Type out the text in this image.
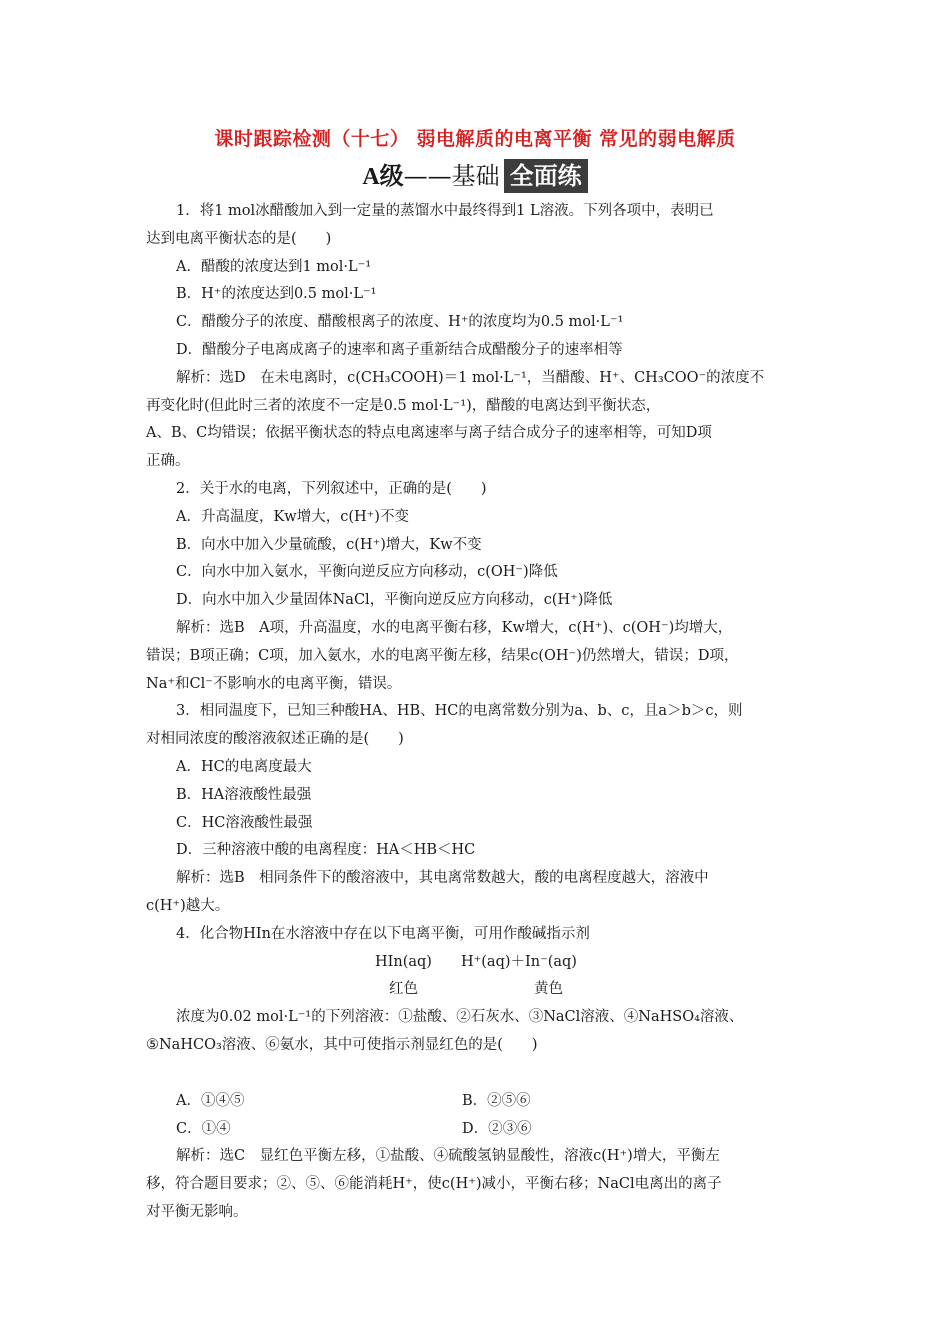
课时跟踪检测（十七） 弱电解质的电离平衡 常见的弱电解质
A级——基础 全面练

1．将1 mol冰醋酸加入到一定量的蒸馏水中最终得到1 L溶液。下列各项中，表明已

达到电离平衡状态的是(　　)

A．醋酸的浓度达到1 mol·L⁻¹

B．H⁺的浓度达到0.5 mol·L⁻¹

C．醋酸分子的浓度、醋酸根离子的浓度、H⁺的浓度均为0.5 mol·L⁻¹

D．醋酸分子电离成离子的速率和离子重新结合成醋酸分子的速率相等

解析：选D　在未电离时，c(CH₃COOH)＝1 mol·L⁻¹，当醋酸、H⁺、CH₃COO⁻的浓度不

再变化时(但此时三者的浓度不一定是0.5 mol·L⁻¹)，醋酸的电离达到平衡状态，

A、B、C均错误；依据平衡状态的特点电离速率与离子结合成分子的速率相等，可知D项

正确。

2．关于水的电离，下列叙述中，正确的是(　　)

A．升高温度，Kw增大，c(H⁺)不变

B．向水中加入少量硫酸，c(H⁺)增大，Kw不变

C．向水中加入氨水，平衡向逆反应方向移动，c(OH⁻)降低

D．向水中加入少量固体NaCl，平衡向逆反应方向移动，c(H⁺)降低

解析：选B　A项，升高温度，水的电离平衡右移，Kw增大，c(H⁺)、c(OH⁻)均增大，

错误；B项正确；C项，加入氨水，水的电离平衡左移，结果c(OH⁻)仍然增大，错误；D项，

Na⁺和Cl⁻不影响水的电离平衡，错误。

3．相同温度下，已知三种酸HA、HB、HC的电离常数分别为a、b、c，且a＞b＞c，则

对相同浓度的酸溶液叙述正确的是(　　)

A．HC的电离度最大

B．HA溶液酸性最强

C．HC溶液酸性最强

D．三种溶液中酸的电离程度：HA＜HB＜HC

解析：选B　相同条件下的酸溶液中，其电离常数越大，酸的电离程度越大，溶液中

c(H⁺)越大。

4．化合物HIn在水溶液中存在以下电离平衡，可用作酸碱指示剂

HIn(aq)　　H⁺(aq)＋In⁻(aq)

红色　　　　　　　　黄色

浓度为0.02 mol·L⁻¹的下列溶液：①盐酸、②石灰水、③NaCl溶液、④NaHSO₄溶液、

⑤NaHCO₃溶液、⑥氨水，其中可使指示剂显红色的是(　　)

A．①④⑤	B．②⑤⑥

C．①④	D．②③⑥

解析：选C　显红色平衡左移，①盐酸、④硫酸氢钠显酸性，溶液c(H⁺)增大，平衡左

移，符合题目要求；②、⑤、⑥能消耗H⁺，使c(H⁺)减小，平衡右移；NaCl电离出的离子

对平衡无影响。
